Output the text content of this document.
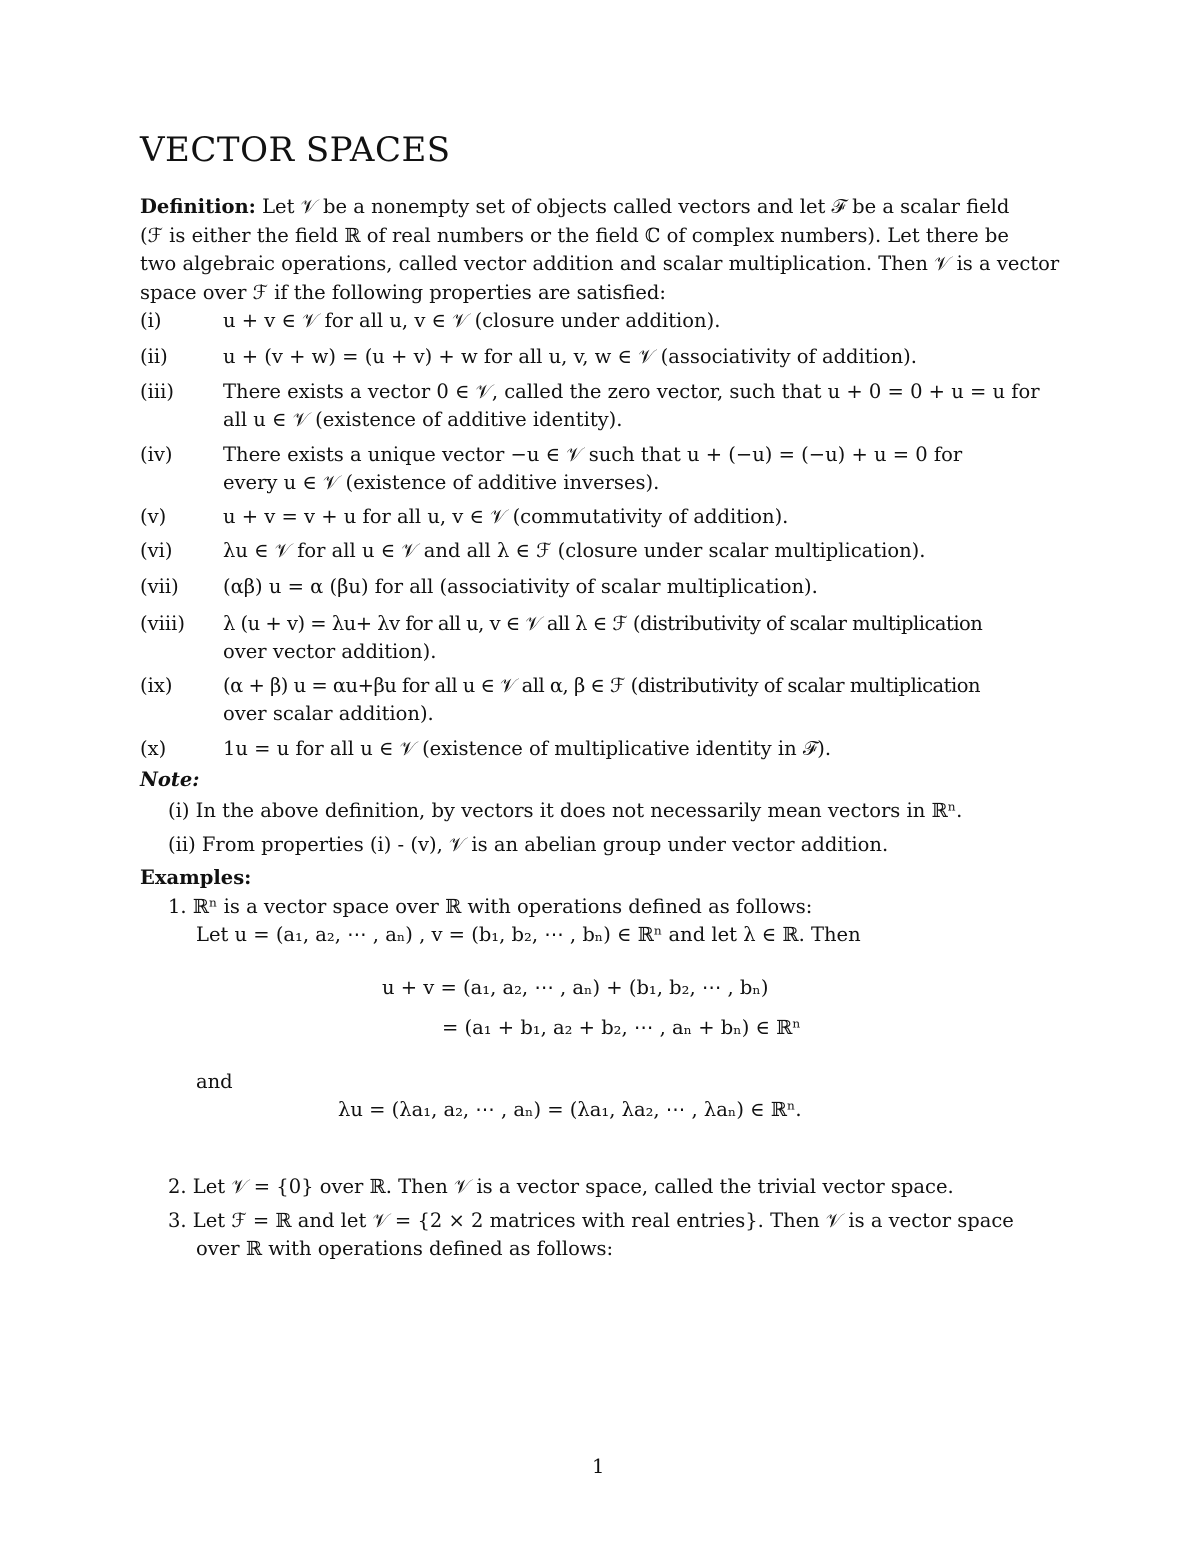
VECTOR SPACES
Definition: Let 𝒱 be a nonempty set of objects called vectors and let ℱ be a scalar field
(ℱ is either the field ℝ of real numbers or the field ℂ of complex numbers). Let there be
two algebraic operations, called vector addition and scalar multiplication. Then 𝒱 is a vector
space over ℱ if the following properties are satisfied:
(i)	u + v ∈ 𝒱 for all u, v ∈ 𝒱 (closure under addition).
(ii)	u + (v + w) = (u + v) + w for all u, v, w ∈ 𝒱 (associativity of addition).
(iii)	There exists a vector 0 ∈ 𝒱, called the zero vector, such that u + 0 = 0 + u = u for
all u ∈ 𝒱 (existence of additive identity).
(iv)	There exists a unique vector −u ∈ 𝒱 such that u + (−u) = (−u) + u = 0 for
every u ∈ 𝒱 (existence of additive inverses).
(v)	u + v = v + u for all u, v ∈ 𝒱 (commutativity of addition).
(vi)	λu ∈ 𝒱 for all u ∈ 𝒱 and all λ ∈ ℱ (closure under scalar multiplication).
(vii) (αβ) u = α (βu) for all (associativity of scalar multiplication).
(viii) λ (u + v) = λu+ λv for all u, v ∈ 𝒱 all λ ∈ ℱ (distributivity of scalar multiplication
over vector addition).
(ix)	(α + β) u = αu+βu for all u ∈ 𝒱 all α, β ∈ ℱ (distributivity of scalar multiplication
over scalar addition).
(x)	1u = u for all u ∈ 𝒱 (existence of multiplicative identity in ℱ).
Note:
(i) In the above definition, by vectors it does not necessarily mean vectors in ℝⁿ.
(ii) From properties (i) - (v), 𝒱 is an abelian group under vector addition.
Examples:
1. ℝⁿ is a vector space over ℝ with operations defined as follows:
Let u = (a₁, a₂, ⋯ , aₙ) , v = (b₁, b₂, ⋯ , bₙ) ∈ ℝⁿ and let λ ∈ ℝ. Then
u + v = (a₁, a₂, ⋯ , aₙ) + (b₁, b₂, ⋯ , bₙ)
= (a₁ + b₁, a₂ + b₂, ⋯ , aₙ + bₙ) ∈ ℝⁿ
and
λu = (λa₁, a₂, ⋯ , aₙ) = (λa₁, λa₂, ⋯ , λaₙ) ∈ ℝⁿ.
2. Let 𝒱 = {0} over ℝ. Then 𝒱 is a vector space, called the trivial vector space.
3. Let ℱ = ℝ and let 𝒱 = {2 × 2 matrices with real entries}. Then 𝒱 is a vector space
over ℝ with operations defined as follows:
1
